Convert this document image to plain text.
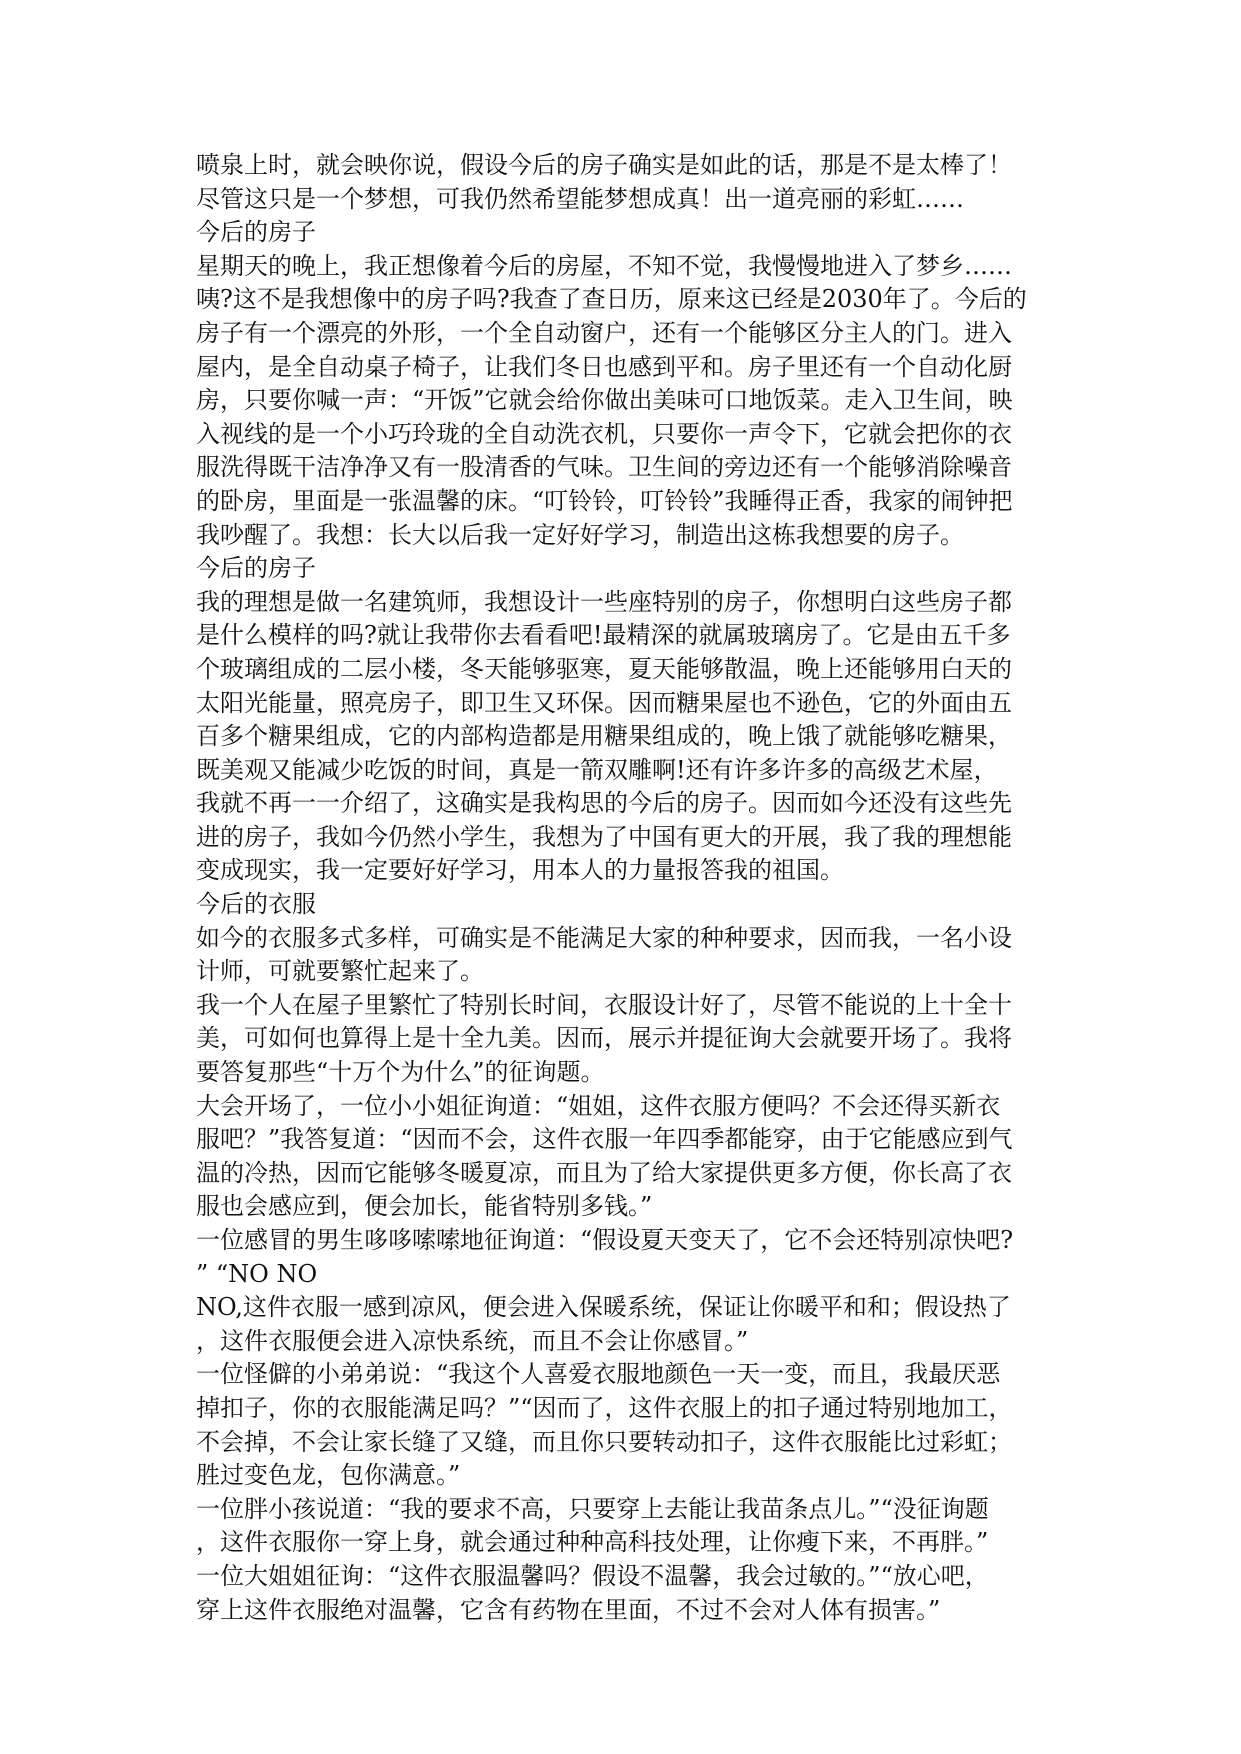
喷泉上时，就会映你说，假设今后的房子确实是如此的话，那是不是太棒了！
尽管这只是一个梦想，可我仍然希望能梦想成真！出一道亮丽的彩虹……
今后的房子
星期天的晚上，我正想像着今后的房屋，不知不觉，我慢慢地进入了梦乡……
咦?这不是我想像中的房子吗?我查了查日历，原来这已经是2030年了。今后的
房子有一个漂亮的外形，一个全自动窗户，还有一个能够区分主人的门。进入
屋内，是全自动桌子椅子，让我们冬日也感到平和。房子里还有一个自动化厨
房，只要你喊一声：“开饭”它就会给你做出美味可口地饭菜。走入卫生间，映
入视线的是一个小巧玲珑的全自动洗衣机，只要你一声令下，它就会把你的衣
服洗得既干洁净净又有一股清香的气味。卫生间的旁边还有一个能够消除噪音
的卧房，里面是一张温馨的床。“叮铃铃，叮铃铃”我睡得正香，我家的闹钟把
我吵醒了。我想：长大以后我一定好好学习，制造出这栋我想要的房子。
今后的房子
我的理想是做一名建筑师，我想设计一些座特别的房子，你想明白这些房子都
是什么模样的吗?就让我带你去看看吧!最精深的就属玻璃房了。它是由五千多
个玻璃组成的二层小楼，冬天能够驱寒，夏天能够散温，晚上还能够用白天的
太阳光能量，照亮房子，即卫生又环保。因而糖果屋也不逊色，它的外面由五
百多个糖果组成，它的内部构造都是用糖果组成的，晚上饿了就能够吃糖果，
既美观又能减少吃饭的时间，真是一箭双雕啊!还有许多许多的高级艺术屋，
我就不再一一介绍了，这确实是我构思的今后的房子。因而如今还没有这些先
进的房子，我如今仍然小学生，我想为了中国有更大的开展，我了我的理想能
变成现实，我一定要好好学习，用本人的力量报答我的祖国。
今后的衣服
如今的衣服多式多样，可确实是不能满足大家的种种要求，因而我，一名小设
计师，可就要繁忙起来了。
我一个人在屋子里繁忙了特别长时间，衣服设计好了，尽管不能说的上十全十
美，可如何也算得上是十全九美。因而，展示并提征询大会就要开场了。我将
要答复那些“十万个为什么”的征询题。
大会开场了，一位小小姐征询道：“姐姐，这件衣服方便吗？不会还得买新衣
服吧？”我答复道：“因而不会，这件衣服一年四季都能穿，由于它能感应到气
温的冷热，因而它能够冬暖夏凉，而且为了给大家提供更多方便，你长高了衣
服也会感应到，便会加长，能省特别多钱。”
一位感冒的男生哆哆嗦嗦地征询道：“假设夏天变天了，它不会还特别凉快吧?
” “NO NO
NO,这件衣服一感到凉风，便会进入保暖系统，保证让你暖平和和；假设热了
，这件衣服便会进入凉快系统，而且不会让你感冒。”
一位怪僻的小弟弟说：“我这个人喜爱衣服地颜色一天一变，而且，我最厌恶
掉扣子，你的衣服能满足吗？”“因而了，这件衣服上的扣子通过特别地加工，
不会掉，不会让家长缝了又缝，而且你只要转动扣子，这件衣服能比过彩虹；
胜过变色龙，包你满意。”
一位胖小孩说道：“我的要求不高，只要穿上去能让我苗条点儿。”“没征询题
，这件衣服你一穿上身，就会通过种种高科技处理，让你瘦下来，不再胖。”
一位大姐姐征询：“这件衣服温馨吗？假设不温馨，我会过敏的。”“放心吧，
穿上这件衣服绝对温馨，它含有药物在里面，不过不会对人体有损害。”
